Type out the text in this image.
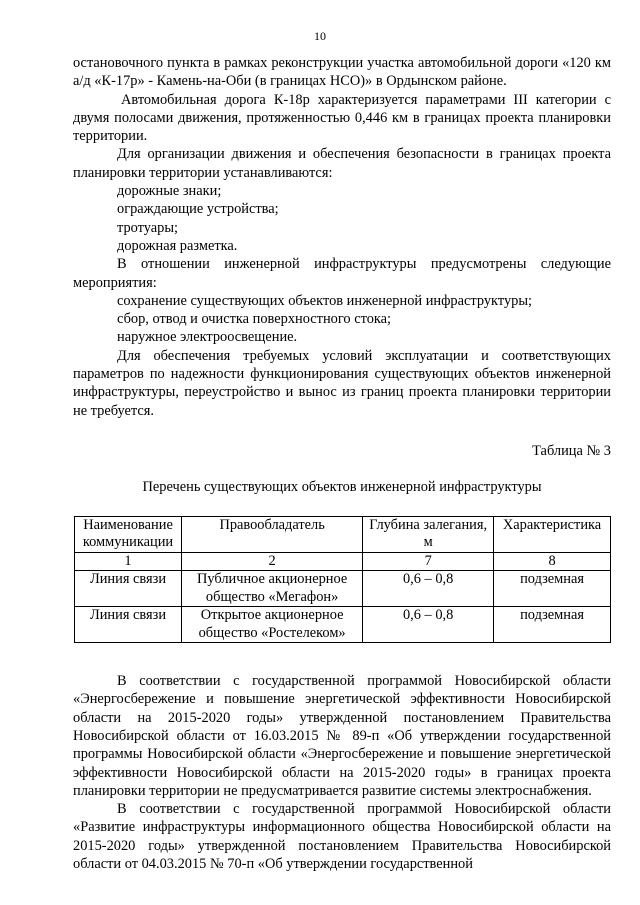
10

остановочного пункта в рамках реконструкции участка автомобильной дороги «120 км а/д «К-17р» - Камень-на-Оби (в границах НСО)» в Ордынском районе.

Автомобильная дорога К-18р характеризуется параметрами III категории с двумя полосами движения, протяженностью 0,446 км в границах проекта планировки территории.

Для организации движения и обеспечения безопасности в границах проекта планировки территории устанавливаются:

дорожные знаки;

ограждающие устройства;

тротуары;

дорожная разметка.

В отношении инженерной инфраструктуры предусмотрены следующие мероприятия:

сохранение существующих объектов инженерной инфраструктуры;

сбор, отвод и очистка поверхностного стока;

наружное электроосвещение.

Для обеспечения требуемых условий эксплуатации и соответствующих параметров по надежности функционирования существующих объектов инженерной инфраструктуры, переустройство и вынос из границ проекта планировки территории не требуется.

Таблица № 3

Перечень существующих объектов инженерной инфраструктуры

Наименование коммуникации	Правообладатель	Глубина залегания, м	Характеристика
1	2	7	8
Линия связи	Публичное акционерное общество «Мегафон»	0,6 – 0,8	подземная
Линия связи	Открытое акционерное общество «Ростелеком»	0,6 – 0,8	подземная

В соответствии с государственной программой Новосибирской области «Энергосбережение и повышение энергетической эффективности Новосибирской области на 2015-2020 годы» утвержденной постановлением Правительства Новосибирской области от 16.03.2015 № 89-п «Об утверждении государственной программы Новосибирской области «Энергосбережение и повышение энергетической эффективности Новосибирской области на 2015-2020 годы» в границах проекта планировки территории не предусматривается развитие системы электроснабжения.

В соответствии с государственной программой Новосибирской области «Развитие инфраструктуры информационного общества Новосибирской области на 2015-2020 годы» утвержденной постановлением Правительства Новосибирской области от 04.03.2015 № 70-п «Об утверждении государственной
